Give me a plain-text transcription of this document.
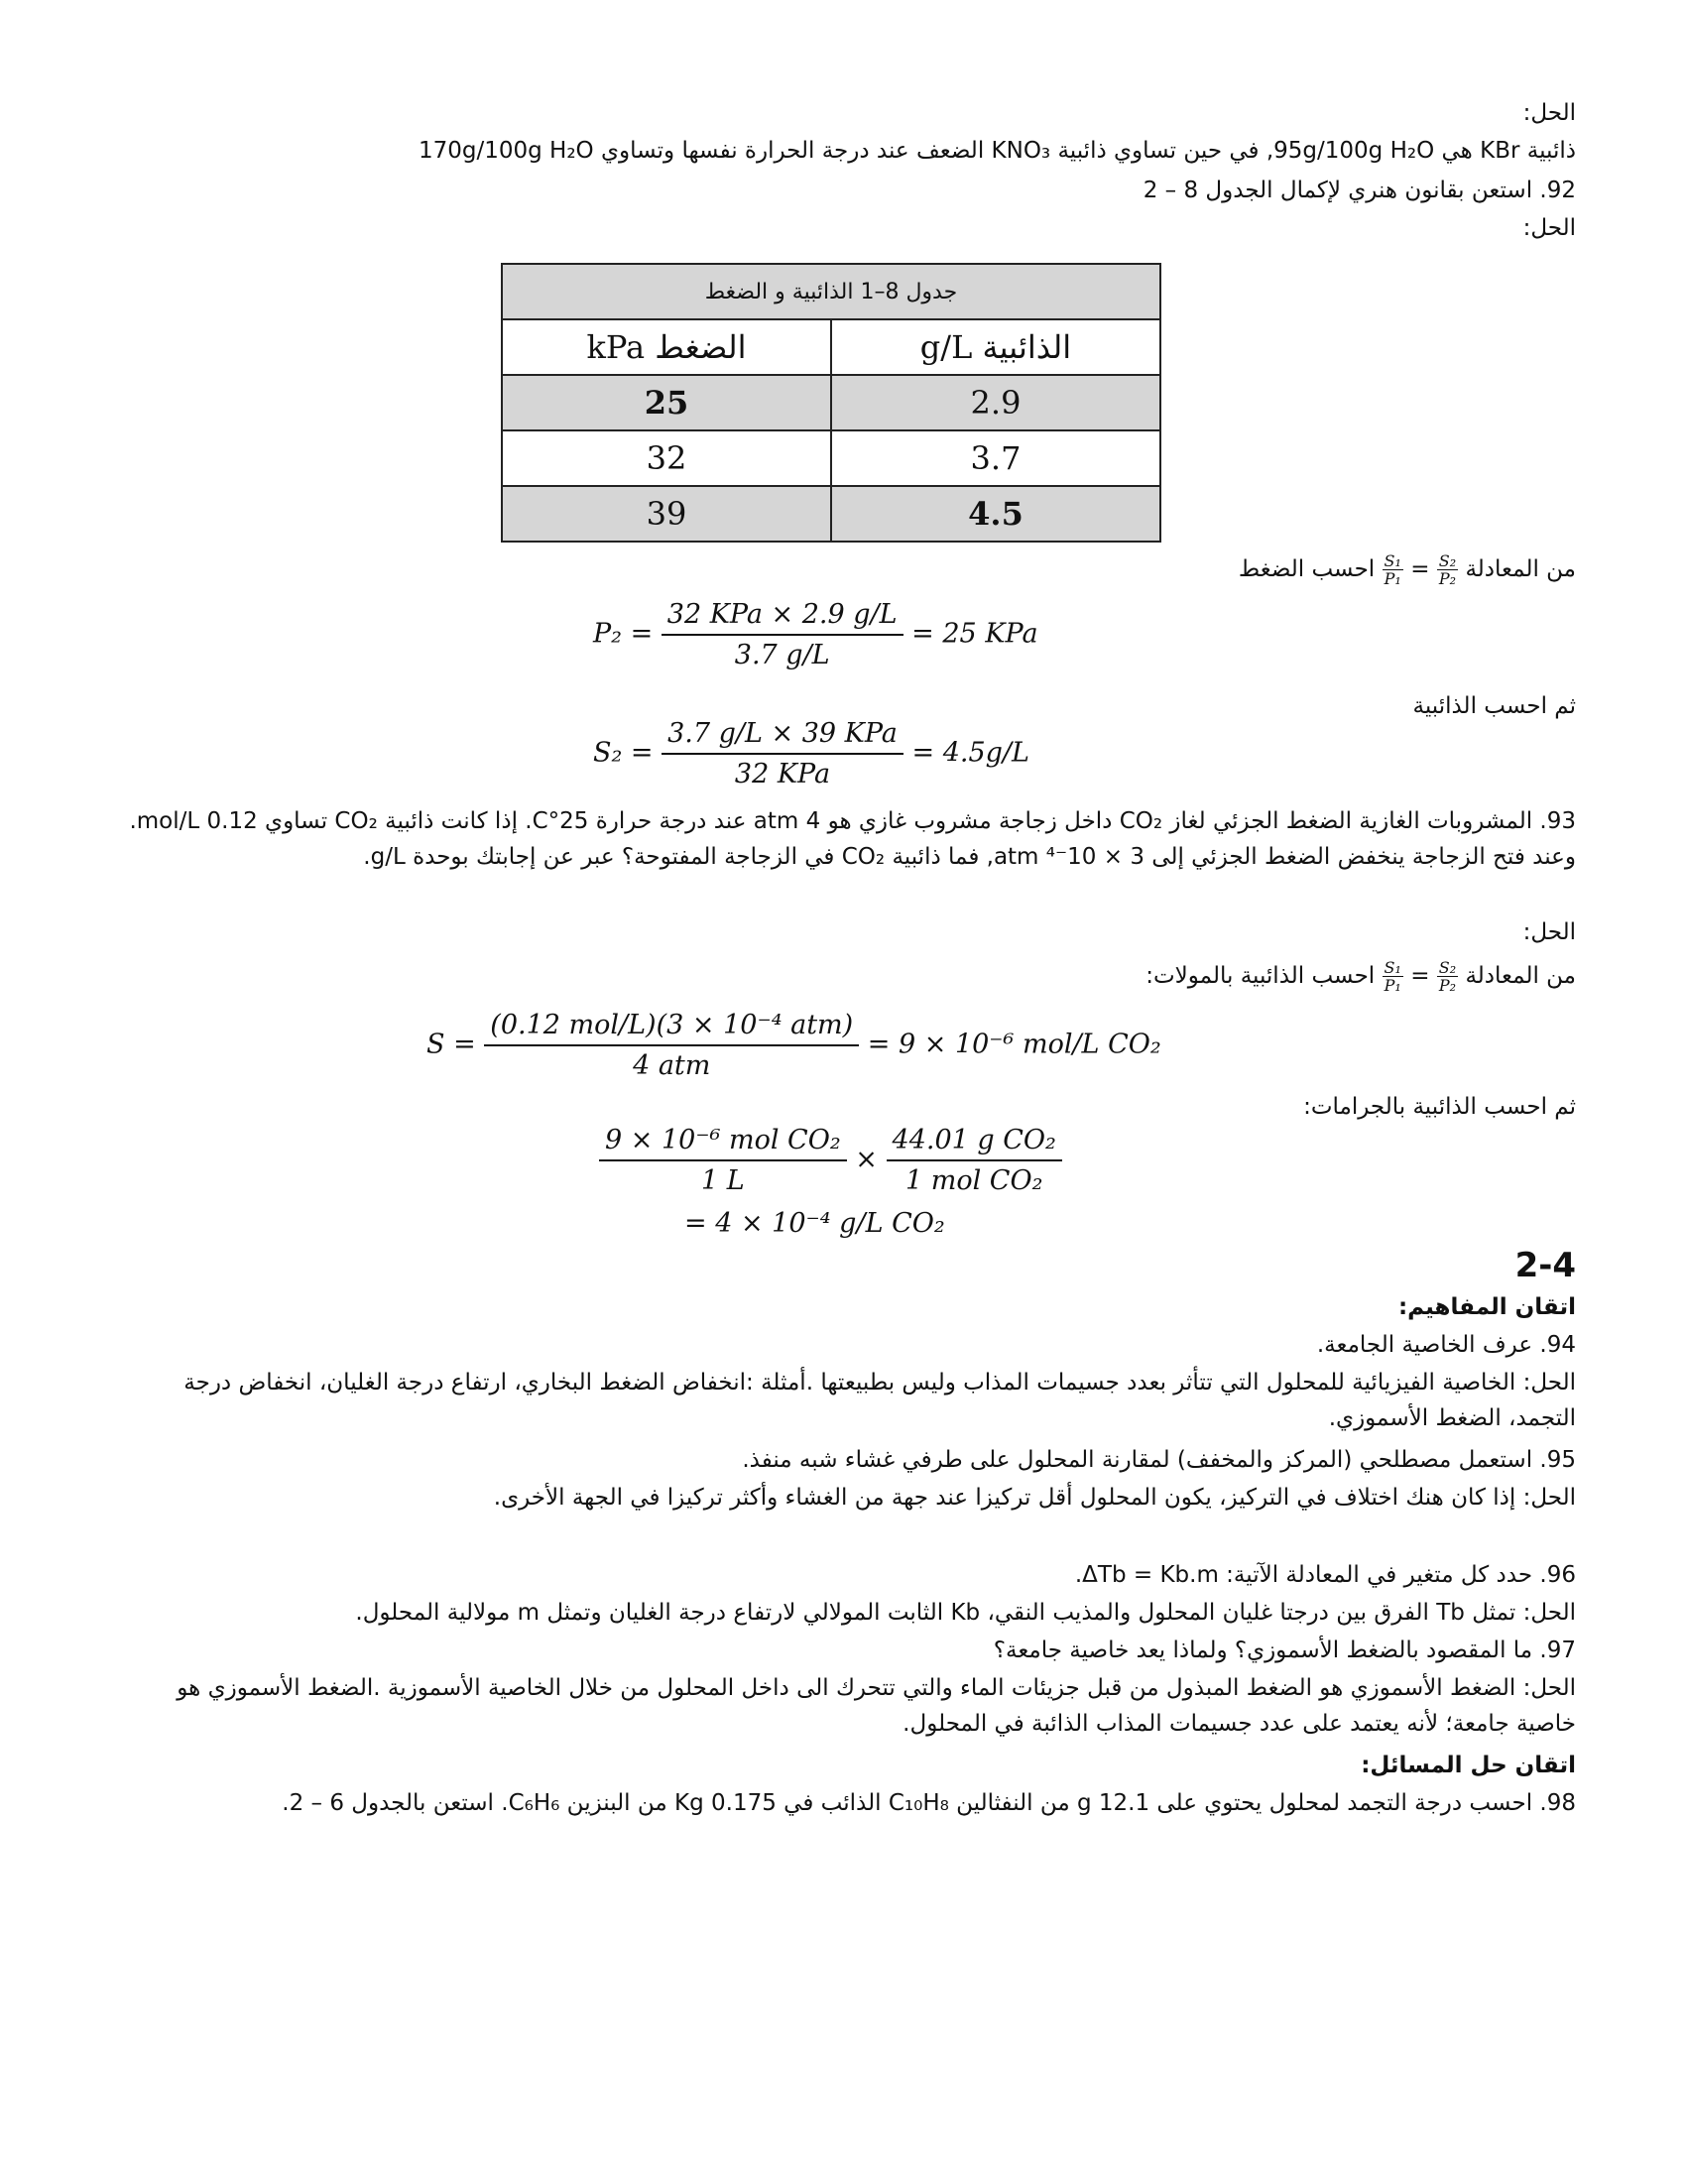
الحل:
ذائبية KBr هي 95g/100g H₂O, في حين تساوي ذائبية KNO₃ الضعف عند درجة الحرارة نفسها وتساوي 170g/100g H₂O
92. استعن بقانون هنري لإكمال الجدول 8 – 2
الحل:
جدول 8–1 الذائبية و الضغط	
الضغط kPa	الذائبية g/L
25	2.9
32	3.7
39	4.5
من المعادلة
$\frac{\text{S₂}}{\text{P₂}}$
=
$\frac{\text{S₁}}{\text{P₁}}$
احسب الضغط
$P_2 = \frac{\text{32 KPa × 2.9 g/L}}{3.7 g/L} = 25$ KPa
ثم احسب الذائبية
$S_2 = \frac{\text{3.7 g/L × 39 KPa}}{\text{32 KPa}} = 4.5g/L$
93. المشروبات الغازية الضغط الجزئي لغاز CO₂ داخل زجاجة مشروب غازي هو 4 atm عند درجة حرارة 25°C. إذا كانت ذائبية CO₂ تساوي 0.12 mol/L. وعند فتح الزجاجة ينخفض الضغط الجزئي إلى 3 × 10⁻⁴ atm, فما ذائبية CO₂ في الزجاجة المفتوحة؟ عبر عن إجابتك بوحدة g/L.
الحل:
من المعادلة
$\frac{\text{S₂}}{\text{P₂}}$
=
$\frac{\text{S₁}}{\text{P₁}}$
احسب الذائبية بالمولات:
$S = \frac{\text{(0.12 mol/L)(3 × 10⁻⁴ atm)}}{\text{4 atm}} = 9 \times 10^{-6}$ mol/L CO₂
ثم احسب الذائبية بالجرامات:
$\frac{\text{9 × 10⁻⁶ mol CO₂}}{1 L} \times \frac{\text{44.01 g CO₂}}{\text{1 mol CO₂}}$
= 4 × 10⁻⁴ g/L CO₂
2-4
اتقان المفاهيم:
94. عرف الخاصية الجامعة.
الحل: الخاصية الفيزيائية للمحلول التي تتأثر بعدد جسيمات المذاب وليس بطبيعتها .أمثلة :انخفاض الضغط البخاري، ارتفاع درجة الغليان، انخفاض درجة التجمد، الضغط الأسموزي.
95. استعمل مصطلحي (المركز والمخفف) لمقارنة المحلول على طرفي غشاء شبه منفذ.
الحل: إذا كان هنك اختلاف في التركيز، يكون المحلول أقل تركيزا عند جهة من الغشاء وأكثر تركيزا في الجهة الأخرى.
96. حدد كل متغير في المعادلة الآتية: ΔTb = Kb.m.
الحل: تمثل Tb الفرق بين درجتا غليان المحلول والمذيب النقي، Kb الثابت المولالي لارتفاع درجة الغليان وتمثل m مولالية المحلول.
97. ما المقصود بالضغط الأسموزي؟ ولماذا يعد خاصية جامعة؟
الحل: الضغط الأسموزي هو الضغط المبذول من قبل جزيئات الماء والتي تتحرك الى داخل المحلول من خلال الخاصية الأسموزية .الضغط الأسموزي هو خاصية جامعة؛ لأنه يعتمد على عدد جسيمات المذاب الذائبة في المحلول.
اتقان حل المسائل:
98. احسب درجة التجمد لمحلول يحتوي على 12.1 g من النفثالين C₁₀H₈ الذائب في 0.175 Kg من البنزين C₆H₆. استعن بالجدول 6 – 2.
